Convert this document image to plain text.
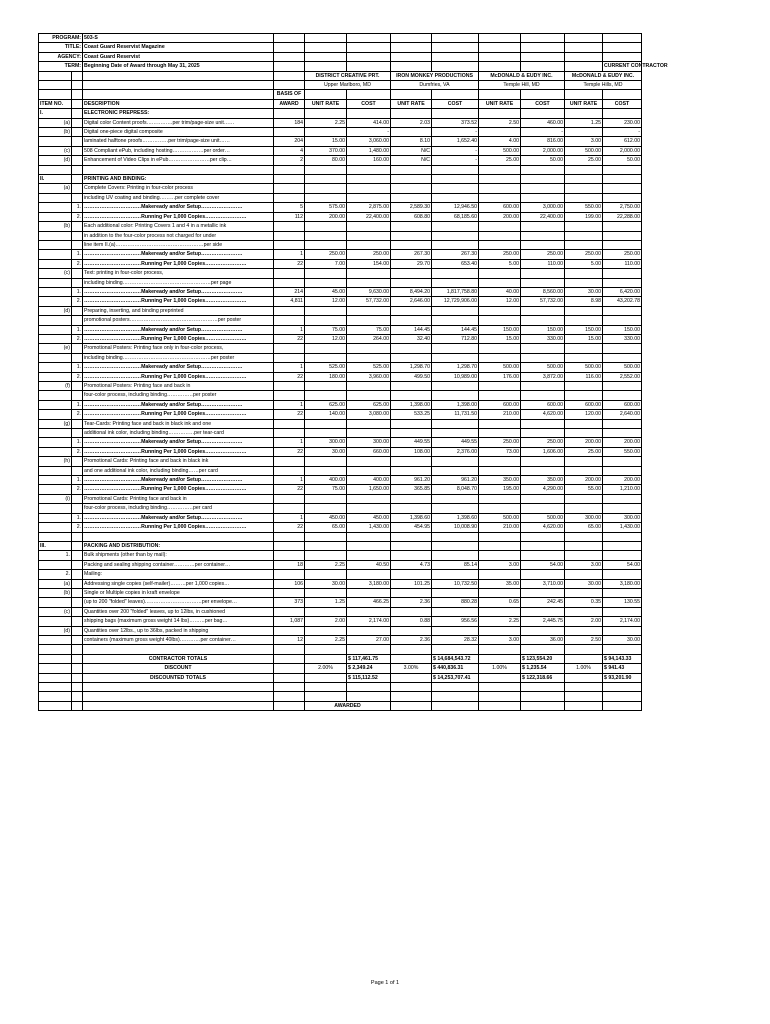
PROGRAM:		503-S									
TITLE:		Coast Guard Reservist Magazine									
AGENCY:		Coast Guard Reservist									
TERM:		Beginning Date of Award through May 31, 2025									CURRENT CONTRACTOR
				DISTRICT CREATIVE PRT.		IRON MONKEY PRODUCTIONS		McDONALD & EUDY INC.		McDONALD & EUDY INC.	
				Upper Marlboro, MD		Dumfries, VA		Temple Hill, MD		Temple Hills, MD	
			BASIS OF								
ITEM NO.		DESCRIPTION	AWARD	UNIT RATE	COST	UNIT RATE	COST	UNIT RATE	COST	UNIT RATE	COST
I.		ELECTRONIC PREPRESS:									
(a)		Digital color Content proofs……………per trim/page-size unit……	184	2.25	414.00	2.03	373.52	2.50	460.00	1.25	230.00
(b)		Digital one-piece digital composite			-		-		-		-
		laminated halftone proofs……………per trim/page-size unit……	204	15.00	3,060.00	8.10	1,652.40	4.00	816.00	3.00	612.00
(c)		508 Compliant ePub, including hosting………………per order…	4	370.00	1,480.00	N/C	-	500.00	2,000.00	500.00	2,000.00
(d)		Enhancement of Video Clips in ePub……………………per clip…	2	80.00	160.00	N/C	-	25.00	50.00	25.00	50.00

II.		PRINTING AND BINDING:									
(a)		Complete Covers: Printing in four-color process									
		including UV coating and binding………per complete cover									
	1.	……………………………Makeready and/or Setup……………………	5	575.00	2,875.00	2,589.30	12,946.50	600.00	3,000.00	550.00	2,750.00
	2.	……………………………Running Per 1,000 Copies……………………	112	200.00	22,400.00	608.80	68,185.60	200.00	22,400.00	199.00	22,288.00
(b)		Each additional color: Printing Covers 1 and 4 in a metallic ink									
		in addition to the four-color process not charged for under									
		line item II.(a)……………………………………………per side									
	1.	……………………………Makeready and/or Setup……………………	1	250.00	250.00	267.30	267.30	250.00	250.00	250.00	250.00
	2.	……………………………Running Per 1,000 Copies……………………	22	7.00	154.00	29.70	653.40	5.00	110.00	5.00	110.00
(c)		Text: printing in four-color process,									
		including binding……………………………………………per page									
	1.	……………………………Makeready and/or Setup……………………	214	45.00	9,630.00	8,494.20	1,817,758.80	40.00	8,560.00	30.00	6,420.00
	2.	……………………………Running Per 1,000 Copies……………………	4,811	12.00	57,732.00	2,646.00	12,729,906.00	12.00	57,732.00	8.98	43,202.78
(d)		Preparing, inserting, and binding preprinted									
		promotional posters……………………………………………per poster									
	1.	……………………………Makeready and/or Setup……………………	1	75.00	75.00	144.45	144.45	150.00	150.00	150.00	150.00
	2.	……………………………Running Per 1,000 Copies……………………	22	12.00	264.00	32.40	712.80	15.00	330.00	15.00	330.00
(e)		Promotional Posters: Printing face only in four-color process,									
		including binding……………………………………………per poster									
	1.	……………………………Makeready and/or Setup……………………	1	525.00	525.00	1,298.70	1,298.70	500.00	500.00	500.00	500.00
	2.	……………………………Running Per 1,000 Copies……………………	22	180.00	3,960.00	499.50	10,989.00	176.00	3,872.00	116.00	2,552.00
(f)		Promotional Posters: Printing face and back in									
		four-color process, including binding……………per poster									
	1.	……………………………Makeready and/or Setup……………………	1	625.00	625.00	1,398.00	1,398.00	600.00	600.00	600.00	600.00
	2.	……………………………Running Per 1,000 Copies……………………	22	140.00	3,080.00	533.25	11,731.50	210.00	4,620.00	120.00	2,640.00
(g)		Tear-Cards: Printing face and back in black ink and one									
		additional ink color, including binding……………per tear-card									
	1.	……………………………Makeready and/or Setup……………………	1	300.00	300.00	449.55	449.55	250.00	250.00	200.00	200.00
	2.	……………………………Running Per 1,000 Copies……………………	22	30.00	660.00	108.00	2,376.00	73.00	1,606.00	25.00	550.00
(h)		Promotional Cards: Printing face and back in black ink									
		and one additional ink color, including binding……per card									
	1.	……………………………Makeready and/or Setup……………………	1	400.00	400.00	961.20	961.20	350.00	350.00	200.00	200.00
	2.	……………………………Running Per 1,000 Copies……………………	22	75.00	1,650.00	365.85	8,048.70	195.00	4,290.00	55.00	1,210.00
(i)		Promotional Cards: Printing face and back in									
		four-color process, including binding……………per card									
	1.	……………………………Makeready and/or Setup……………………	1	450.00	450.00	1,398.60	1,398.60	500.00	500.00	300.00	300.00
	2.	……………………………Running Per 1,000 Copies……………………	22	65.00	1,430.00	454.95	10,008.90	210.00	4,620.00	65.00	1,430.00

III.		PACKING AND DISTRIBUTION:									
1.		Bulk shipments (other than by mail):									
		Packing and sealing shipping container…………per container…	18	2.25	40.50	4.73	85.14	3.00	54.00	3.00	54.00
2.		Mailing:									
(a)		Addressing single copies (self-mailer)………per 1,000 copies…	106	30.00	3,180.00	101.25	10,732.50	35.00	3,710.00	30.00	3,180.00
(b)		Single or Multiple copies in kraft envelope									
		(up to 200 "folded" leaves)……………………………per envelope…	373	1.25	466.25	2.36	880.28	0.65	242.45	0.35	130.55
(c)		Quantities over 200 "folded" leaves, up to 12lbs, in cushioned									
		shipping bags (maximum gross weight 14 lbs)………per bag…	1,087	2.00	2,174.00	0.88	956.56	2.25	2,445.75	2.00	2,174.00
(d)		Quantities over 12lbs., up to 36lbs, packed in shipping									
		containers (maximum gross weight 40lbs)…………per container…	12	2.25	27.00	2.36	28.32	3.00	36.00	2.50	30.00

		CONTRACTOR TOTALS			$ 117,461.75		$ 14,684,543.72		$ 123,554.20		$ 94,143.33
		DISCOUNT		2.00%	$ 2,349.24	3.00%	$ 440,836.31	1.00%	$ 1,235.54	1.00%	$ 941.43
		DISCOUNTED TOTALS			$ 115,112.52		$ 14,253,707.41		$ 122,318.66		$ 93,201.90

				AWARDED							
Page 1 of 1
